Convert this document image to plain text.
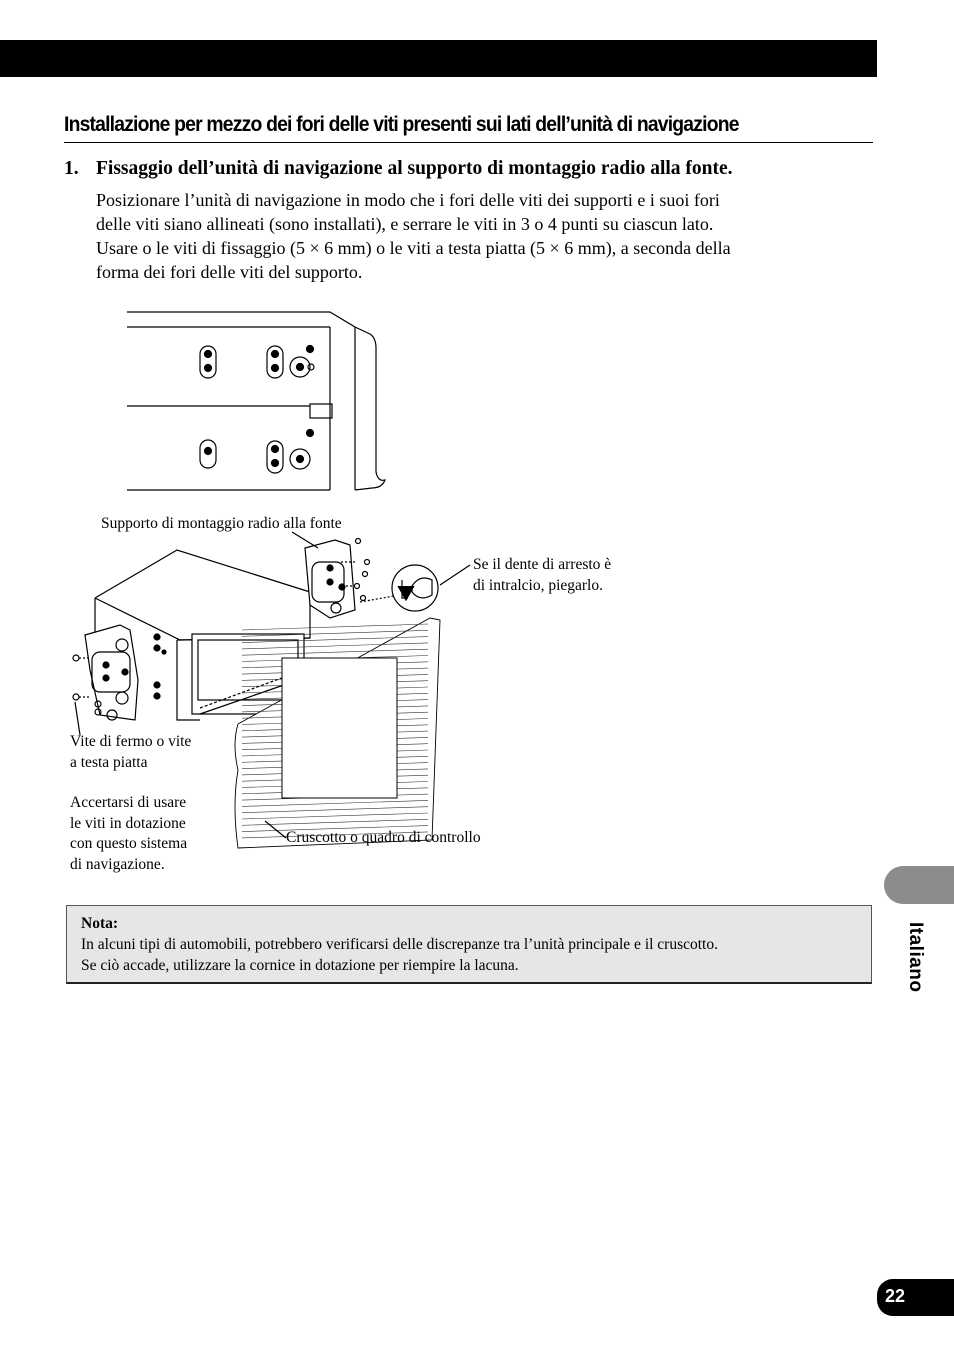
Installazione per mezzo dei fori delle viti presenti sui lati dell’unità di navigazione
1. Fissaggio dell’unità di navigazione al supporto di montaggio radio alla fonte.

Posizionare l’unità di navigazione in modo che i fori delle viti dei supporti e i suoi fori

delle viti siano allineati (sono installati), e serrare le viti in 3 o 4 punti su ciascun lato.

Usare o le viti di fissaggio (5 × 6 mm) o le viti a testa piatta (5 × 6 mm), a seconda della

forma dei fori delle viti del supporto.

Supporto di montaggio radio alla fonte
Se il dente di arresto è
di intralcio, piegarlo.
Vite di fermo o vite
a testa piatta
Accertarsi di usare
le viti in dotazione
con questo sistema
di navigazione.
Cruscotto o quadro di controllo
Nota:
In alcuni tipi di automobili, potrebbero verificarsi delle discrepanze tra l’unità principale e il cruscotto.
Se ciò accade, utilizzare la cornice in dotazione per riempire la lacuna.	Italiano
22
